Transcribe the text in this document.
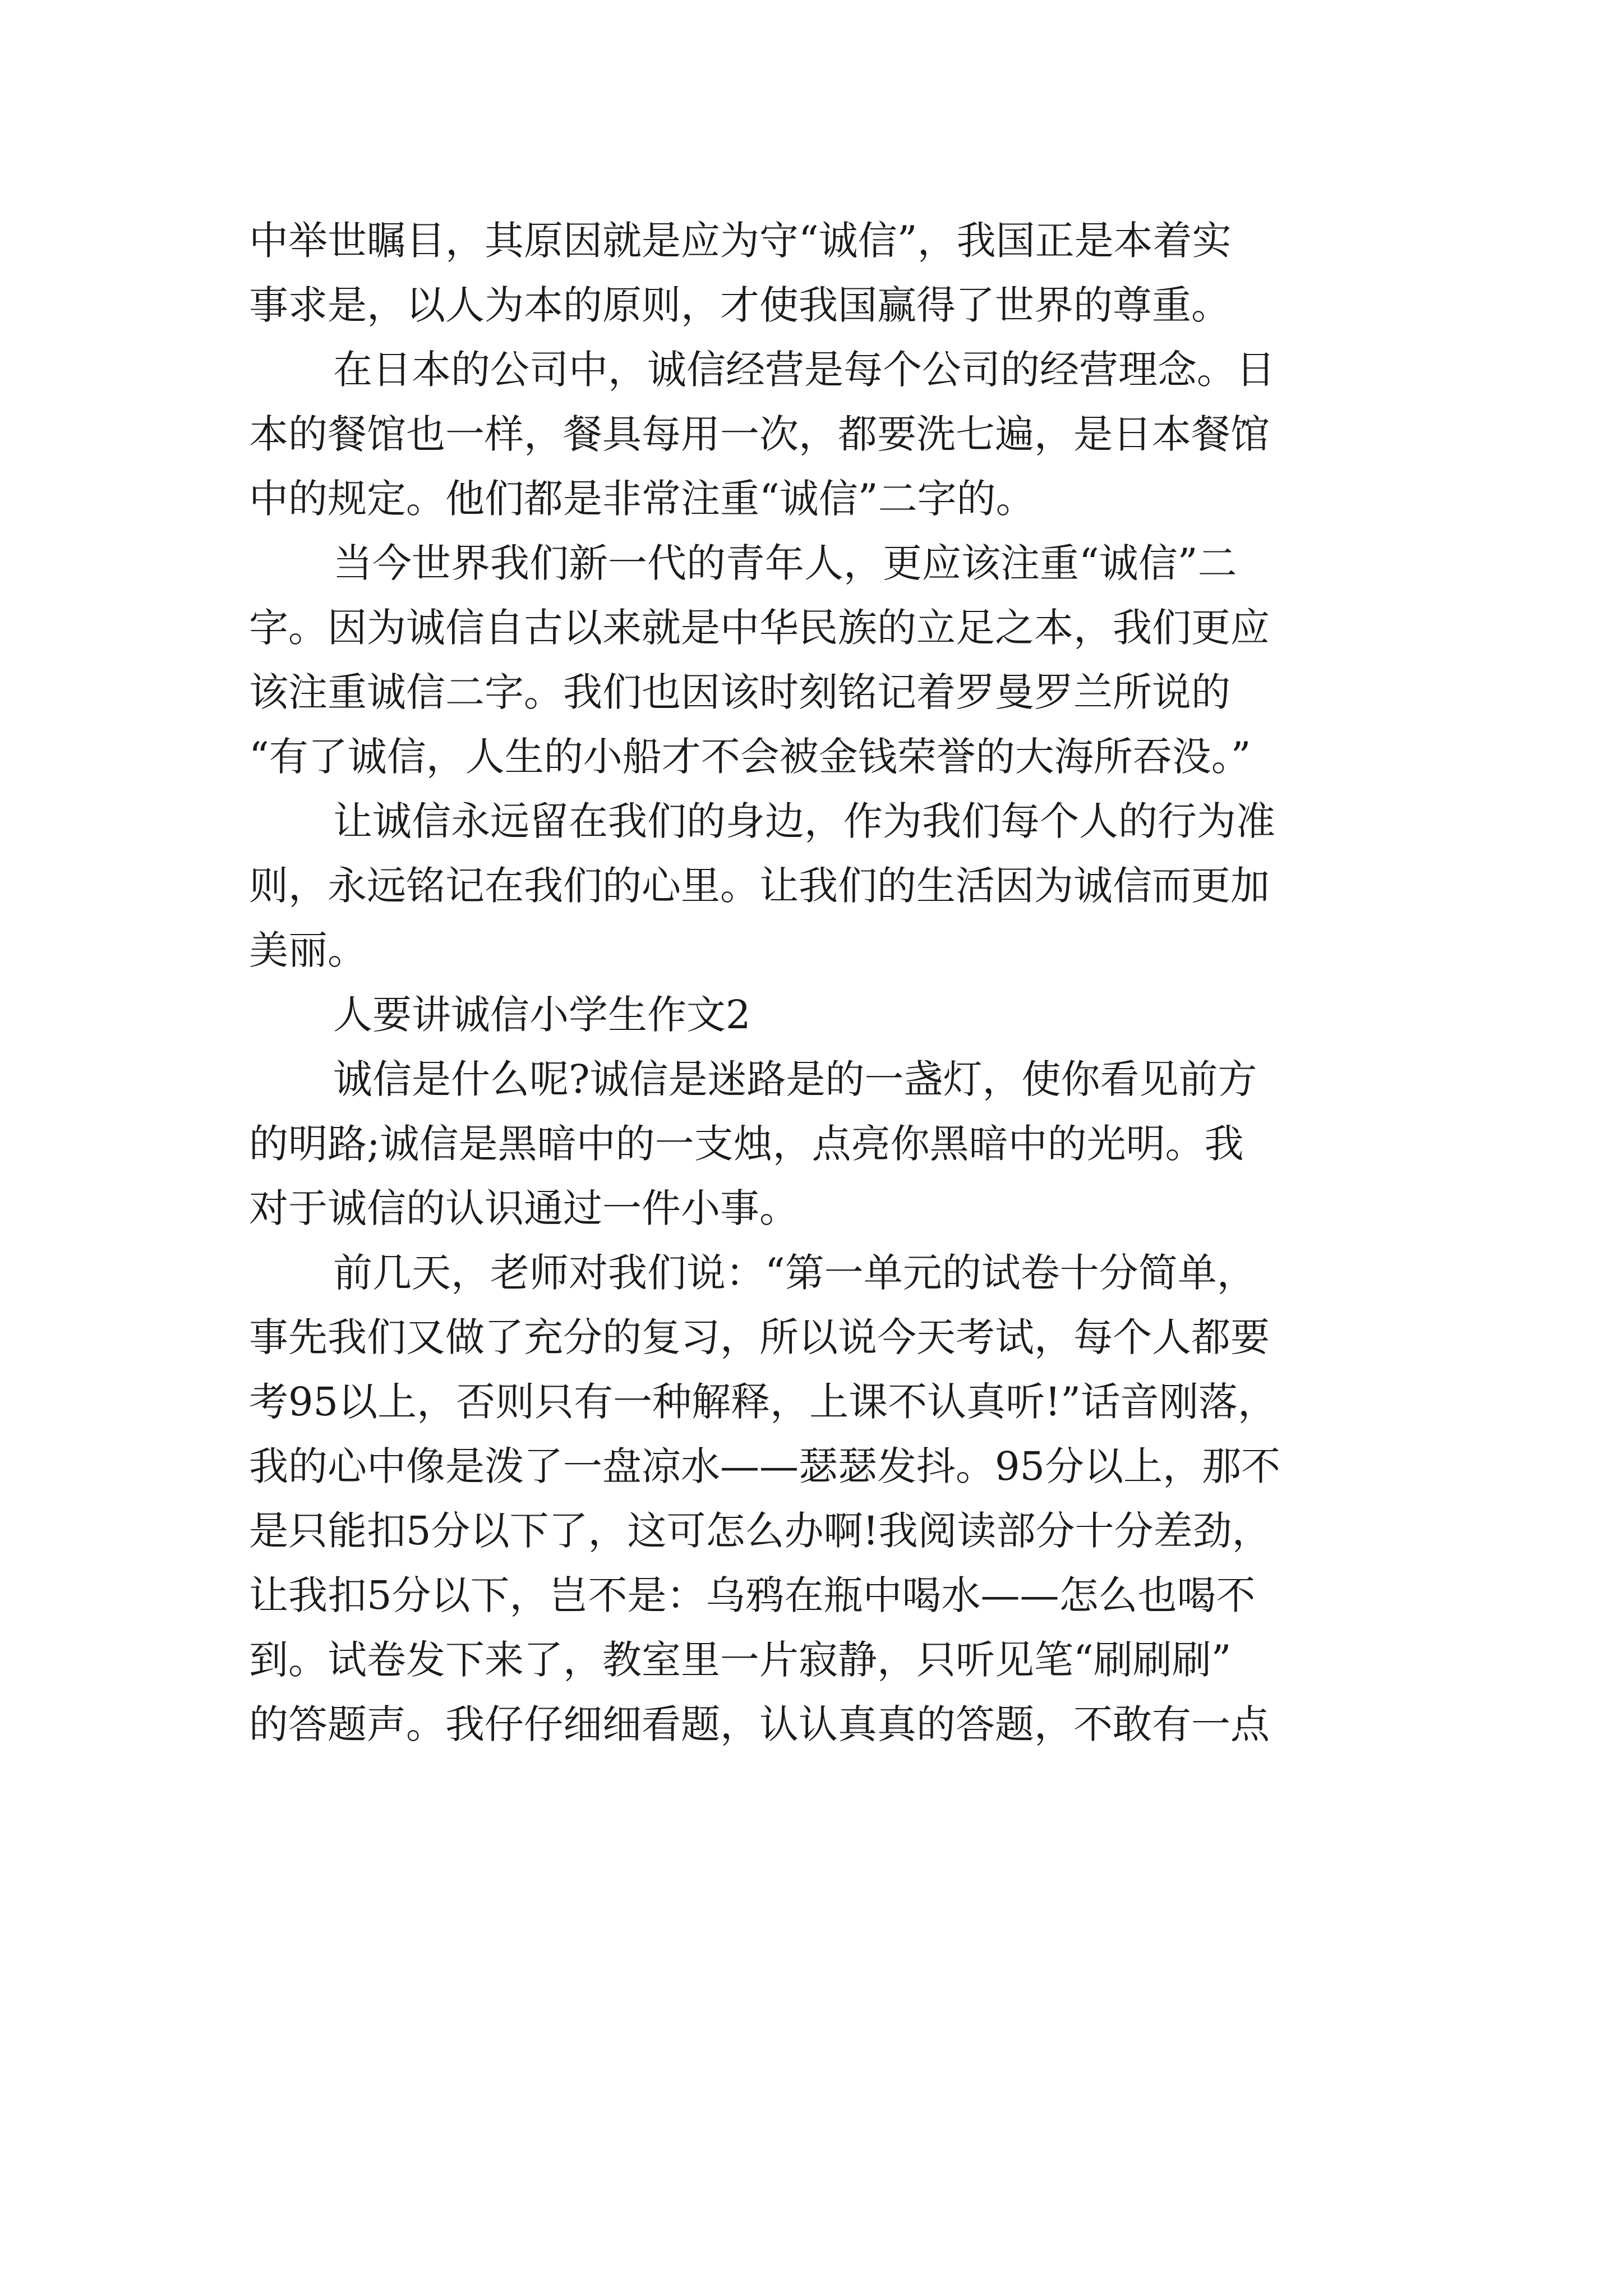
中举世瞩目，其原因就是应为守“诚信”，我国正是本着实
事求是，以人为本的原则，才使我国赢得了世界的尊重。
在日本的公司中，诚信经营是每个公司的经营理念。日
本的餐馆也一样，餐具每用一次，都要洗七遍，是日本餐馆
中的规定。他们都是非常注重“诚信”二字的。
当今世界我们新一代的青年人，更应该注重“诚信”二
字。因为诚信自古以来就是中华民族的立足之本，我们更应
该注重诚信二字。我们也因该时刻铭记着罗曼罗兰所说的
“有了诚信，人生的小船才不会被金钱荣誉的大海所吞没。”
让诚信永远留在我们的身边，作为我们每个人的行为准
则，永远铭记在我们的心里。让我们的生活因为诚信而更加
美丽。
人要讲诚信小学生作文2
诚信是什么呢?诚信是迷路是的一盏灯，使你看见前方
的明路;诚信是黑暗中的一支烛，点亮你黑暗中的光明。我
对于诚信的认识通过一件小事。
前几天，老师对我们说：“第一单元的试卷十分简单，
事先我们又做了充分的复习，所以说今天考试，每个人都要
考95以上，否则只有一种解释，上课不认真听!”话音刚落，
我的心中像是泼了一盘凉水——瑟瑟发抖。95分以上，那不
是只能扣5分以下了，这可怎么办啊!我阅读部分十分差劲，
让我扣5分以下，岂不是：乌鸦在瓶中喝水——怎么也喝不
到。试卷发下来了，教室里一片寂静，只听见笔“刷刷刷”
的答题声。我仔仔细细看题，认认真真的答题，不敢有一点
